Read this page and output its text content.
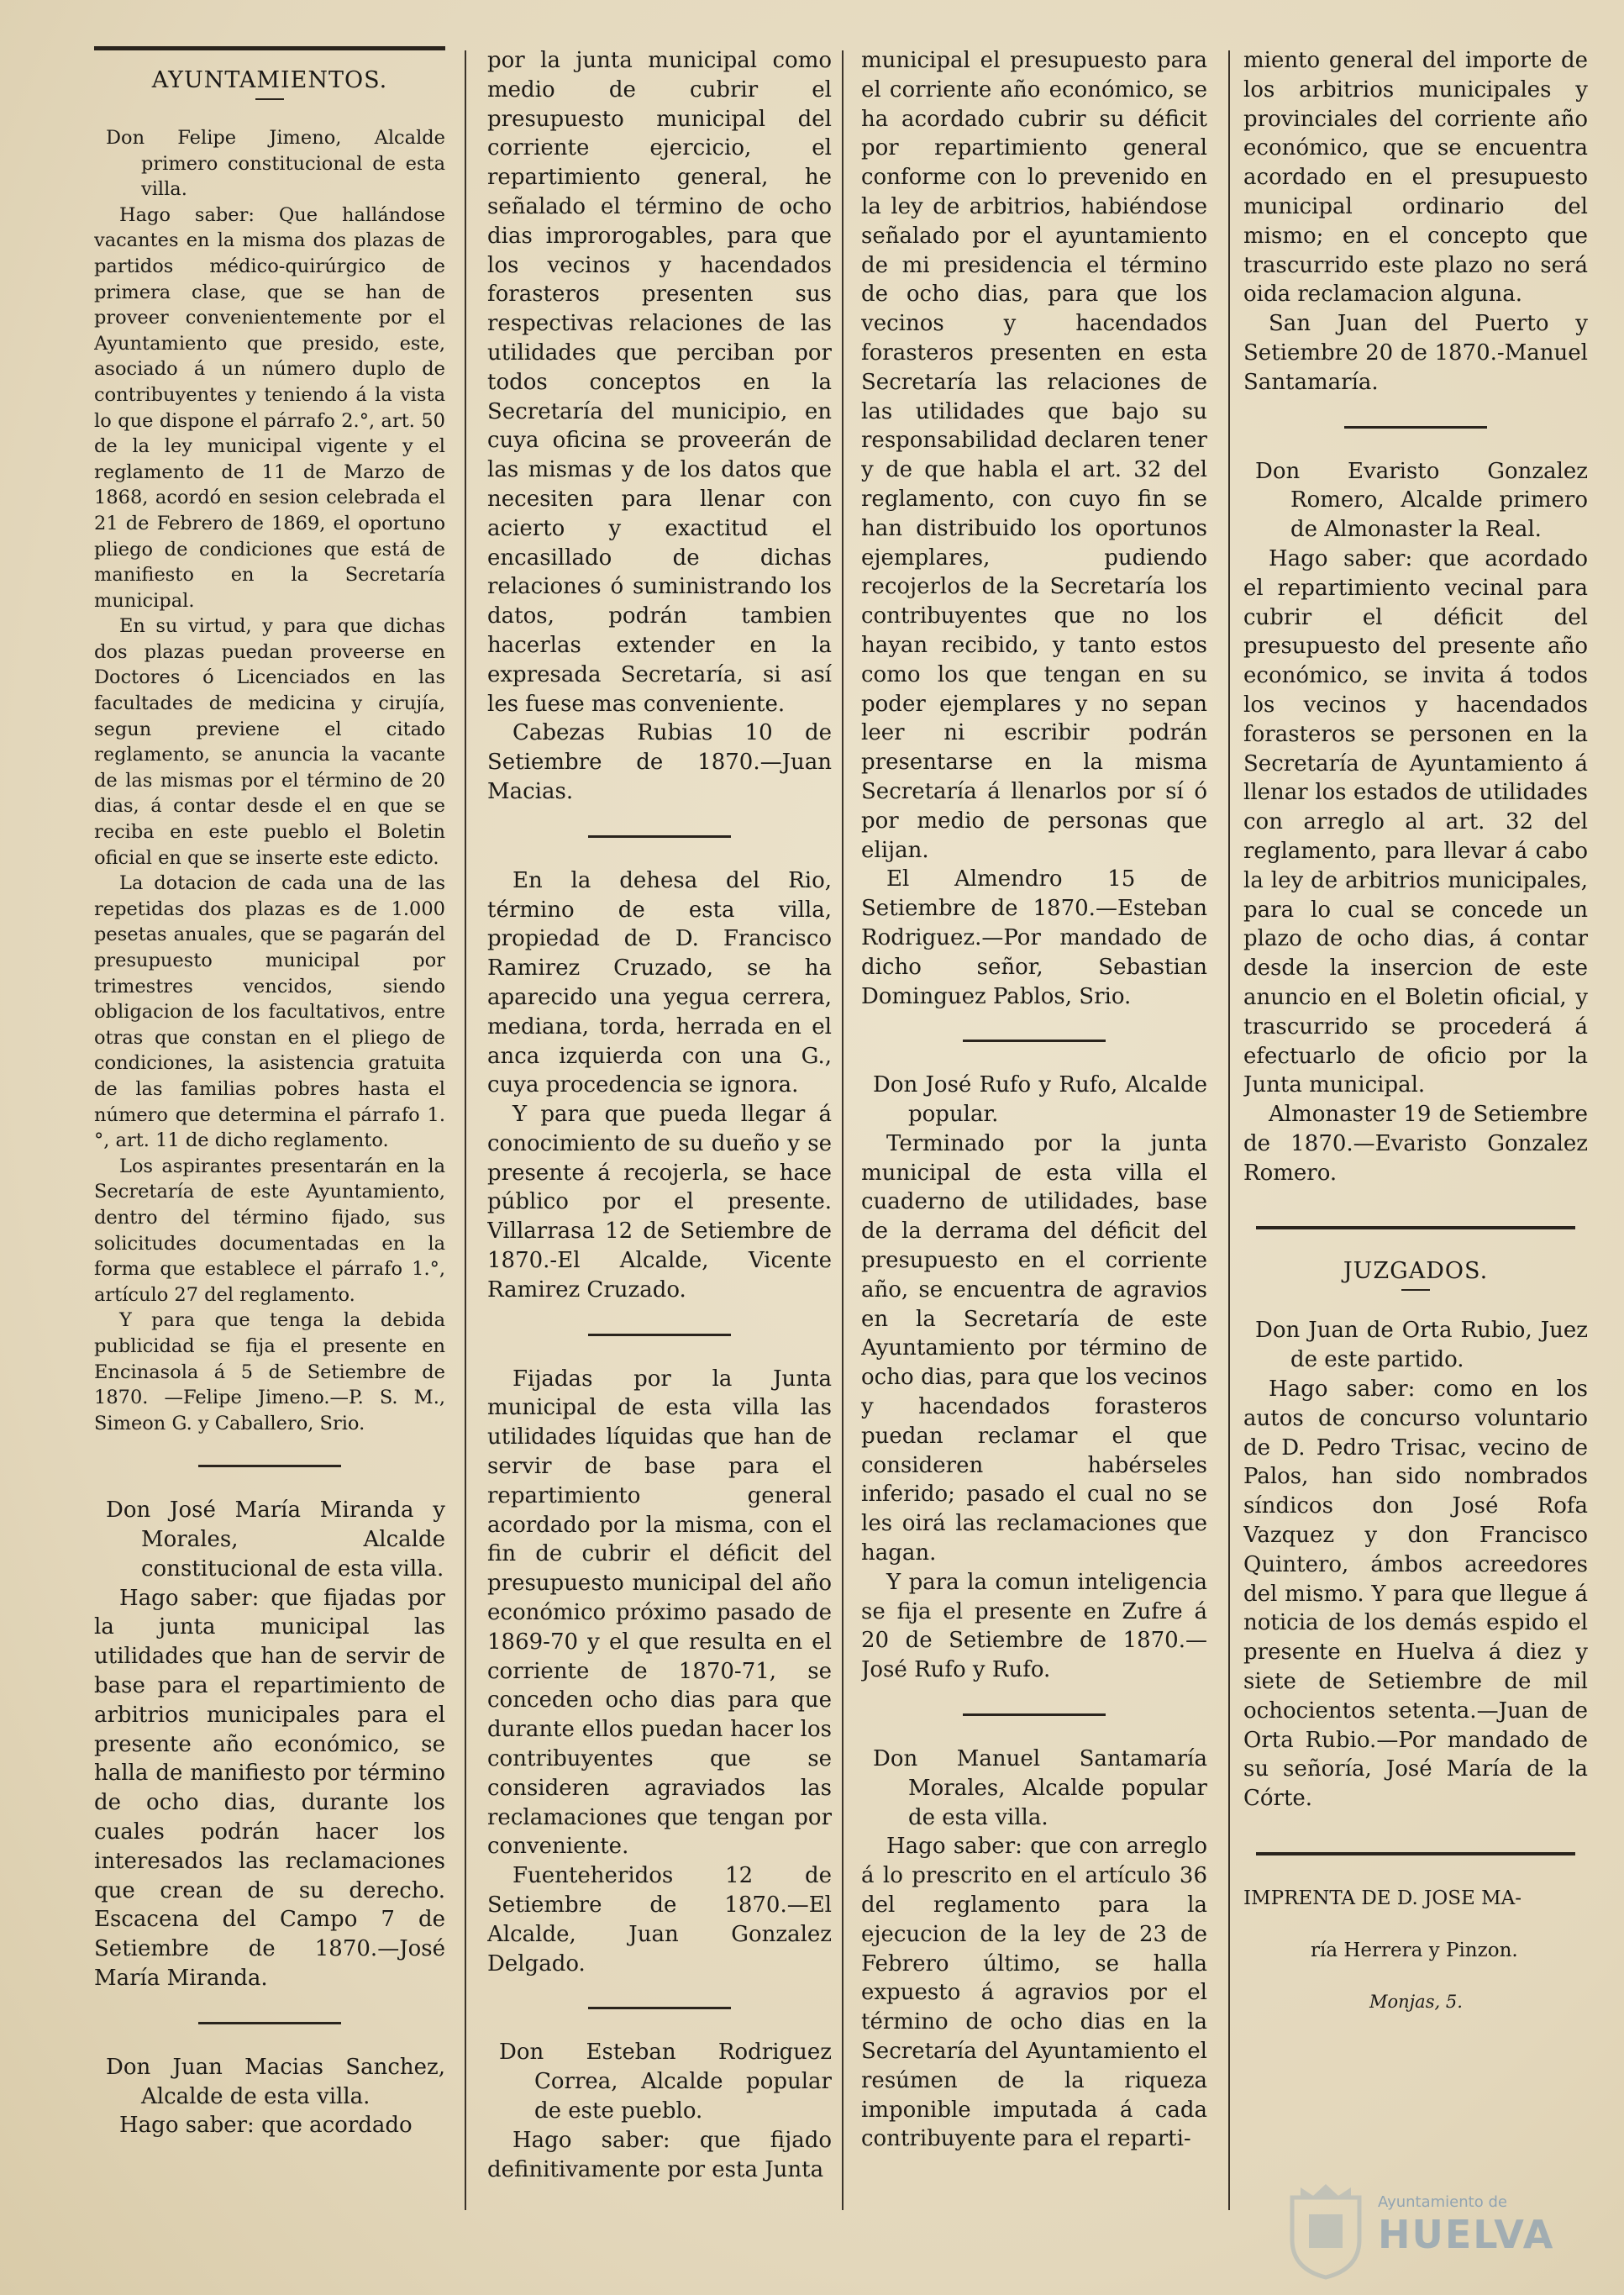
AYUNTAMIENTOS.

Don Felipe Jimeno, Alcalde primero constitucional de esta villa.

Hago saber: Que hallándose vacantes en la misma dos plazas de partidos médico-quirúrgico de primera clase, que se han de proveer convenientemente por el Ayuntamiento que presido, este, asociado á un número duplo de contribuyentes y teniendo á la vista lo que dispone el párrafo 2.°, art. 50 de la ley municipal vigente y el reglamento de 11 de Marzo de 1868, acordó en sesion celebrada el 21 de Febrero de 1869, el oportuno pliego de condiciones que está de manifiesto en la Secretaría municipal.

En su virtud, y para que dichas dos plazas puedan proveerse en Doctores ó Licenciados en las facultades de medicina y cirujía, segun previene el citado reglamento, se anuncia la vacante de las mismas por el término de 20 dias, á contar desde el en que se reciba en este pueblo el Boletin oficial en que se inserte este edicto.

La dotacion de cada una de las repetidas dos plazas es de 1.000 pesetas anuales, que se pagarán del presupuesto municipal por trimestres vencidos, siendo obligacion de los facultativos, entre otras que constan en el pliego de condiciones, la asistencia gratuita de las familias pobres hasta el número que determina el párrafo 1.°, art. 11 de dicho reglamento.

Los aspirantes presentarán en la Secretaría de este Ayuntamiento, dentro del término fijado, sus solicitudes documentadas en la forma que establece el párrafo 1.°, artículo 27 del reglamento.

Y para que tenga la debida publicidad se fija el presente en Encinasola á 5 de Setiembre de 1870. —Felipe Jimeno.—P. S. M., Simeon G. y Caballero, Srio.

Don José María Miranda y Morales, Alcalde constitucional de esta villa.

Hago saber: que fijadas por la junta municipal las utilidades que han de servir de base para el repartimiento de arbitrios municipales para el presente año económico, se halla de manifiesto por término de ocho dias, durante los cuales podrán hacer los interesados las reclamaciones que crean de su derecho. Escacena del Campo 7 de Setiembre de 1870.—José María Miranda.

Don Juan Macias Sanchez, Alcalde de esta villa.

Hago saber: que acordado

por la junta municipal como medio de cubrir el presupuesto municipal del corriente ejercicio, el repartimiento general, he señalado el término de ocho dias improrogables, para que los vecinos y hacendados forasteros presenten sus respectivas relaciones de las utilidades que perciban por todos conceptos en la Secretaría del municipio, en cuya oficina se proveerán de las mismas y de los datos que necesiten para llenar con acierto y exactitud el encasillado de dichas relaciones ó suministrando los datos, podrán tambien hacerlas extender en la expresada Secretaría, si así les fuese mas conveniente.

Cabezas Rubias 10 de Setiembre de 1870.—Juan Macias.

En la dehesa del Rio, término de esta villa, propiedad de D. Francisco Ramirez Cruzado, se ha aparecido una yegua cerrera, mediana, torda, herrada en el anca izquierda con una G., cuya procedencia se ignora.

Y para que pueda llegar á conocimiento de su dueño y se presente á recojerla, se hace público por el presente. Villarrasa 12 de Setiembre de 1870.-El Alcalde, Vicente Ramirez Cruzado.

Fijadas por la Junta municipal de esta villa las utilidades líquidas que han de servir de base para el repartimiento general acordado por la misma, con el fin de cubrir el déficit del presupuesto municipal del año económico próximo pasado de 1869-70 y el que resulta en el corriente de 1870-71, se conceden ocho dias para que durante ellos puedan hacer los contribuyentes que se consideren agraviados las reclamaciones que tengan por conveniente.

Fuenteheridos 12 de Setiembre de 1870.—El Alcalde, Juan Gonzalez Delgado.

Don Esteban Rodriguez Correa, Alcalde popular de este pueblo.

Hago saber: que fijado definitivamente por esta Junta

municipal el presupuesto para el corriente año económico, se ha acordado cubrir su déficit por repartimiento general conforme con lo prevenido en la ley de arbitrios, habiéndose señalado por el ayuntamiento de mi presidencia el término de ocho dias, para que los vecinos y hacendados forasteros presenten en esta Secretaría las relaciones de las utilidades que bajo su responsabilidad declaren tener y de que habla el art. 32 del reglamento, con cuyo fin se han distribuido los oportunos ejemplares, pudiendo recojerlos de la Secretaría los contribuyentes que no los hayan recibido, y tanto estos como los que tengan en su poder ejemplares y no sepan leer ni escribir podrán presentarse en la misma Secretaría á llenarlos por sí ó por medio de personas que elijan.

El Almendro 15 de Setiembre de 1870.—Esteban Rodriguez.—Por mandado de dicho señor, Sebastian Dominguez Pablos, Srio.

Don José Rufo y Rufo, Alcalde popular.

Terminado por la junta municipal de esta villa el cuaderno de utilidades, base de la derrama del déficit del presupuesto en el corriente año, se encuentra de agravios en la Secretaría de este Ayuntamiento por término de ocho dias, para que los vecinos y hacendados forasteros puedan reclamar el que consideren habérseles inferido; pasado el cual no se les oirá las reclamaciones que hagan.

Y para la comun inteligencia se fija el presente en Zufre á 20 de Setiembre de 1870.—José Rufo y Rufo.

Don Manuel Santamaría Morales, Alcalde popular de esta villa.

Hago saber: que con arreglo á lo prescrito en el artículo 36 del reglamento para la ejecucion de la ley de 23 de Febrero último, se halla expuesto á agravios por el término de ocho dias en la Secretaría del Ayuntamiento el resúmen de la riqueza imponible imputada á cada contribuyente para el reparti-

miento general del importe de los arbitrios municipales y provinciales del corriente año económico, que se encuentra acordado en el presupuesto municipal ordinario del mismo; en el concepto que trascurrido este plazo no será oida reclamacion alguna.

San Juan del Puerto y Setiembre 20 de 1870.-Manuel Santamaría.

Don Evaristo Gonzalez Romero, Alcalde primero de Almonaster la Real.

Hago saber: que acordado el repartimiento vecinal para cubrir el déficit del presupuesto del presente año económico, se invita á todos los vecinos y hacendados forasteros se personen en la Secretaría de Ayuntamiento á llenar los estados de utilidades con arreglo al art. 32 del reglamento, para llevar á cabo la ley de arbitrios municipales, para lo cual se concede un plazo de ocho dias, á contar desde la insercion de este anuncio en el Boletin oficial, y trascurrido se procederá á efectuarlo de oficio por la Junta municipal.

Almonaster 19 de Setiembre de 1870.—Evaristo Gonzalez Romero.

JUZGADOS.

Don Juan de Orta Rubio, Juez de este partido.

Hago saber: como en los autos de concurso voluntario de D. Pedro Trisac, vecino de Palos, han sido nombrados síndicos don José Rofa Vazquez y don Francisco Quintero, ámbos acreedores del mismo. Y para que llegue á noticia de los demás espido el presente en Huelva á diez y siete de Setiembre de mil ochocientos setenta.—Juan de Orta Rubio.—Por mandado de su señoría, José María de la Córte.

IMPRENTA DE D. JOSE MA-
ría Herrera y Pinzon.
Monjas, 5.
Ayuntamiento de
HUELVA
